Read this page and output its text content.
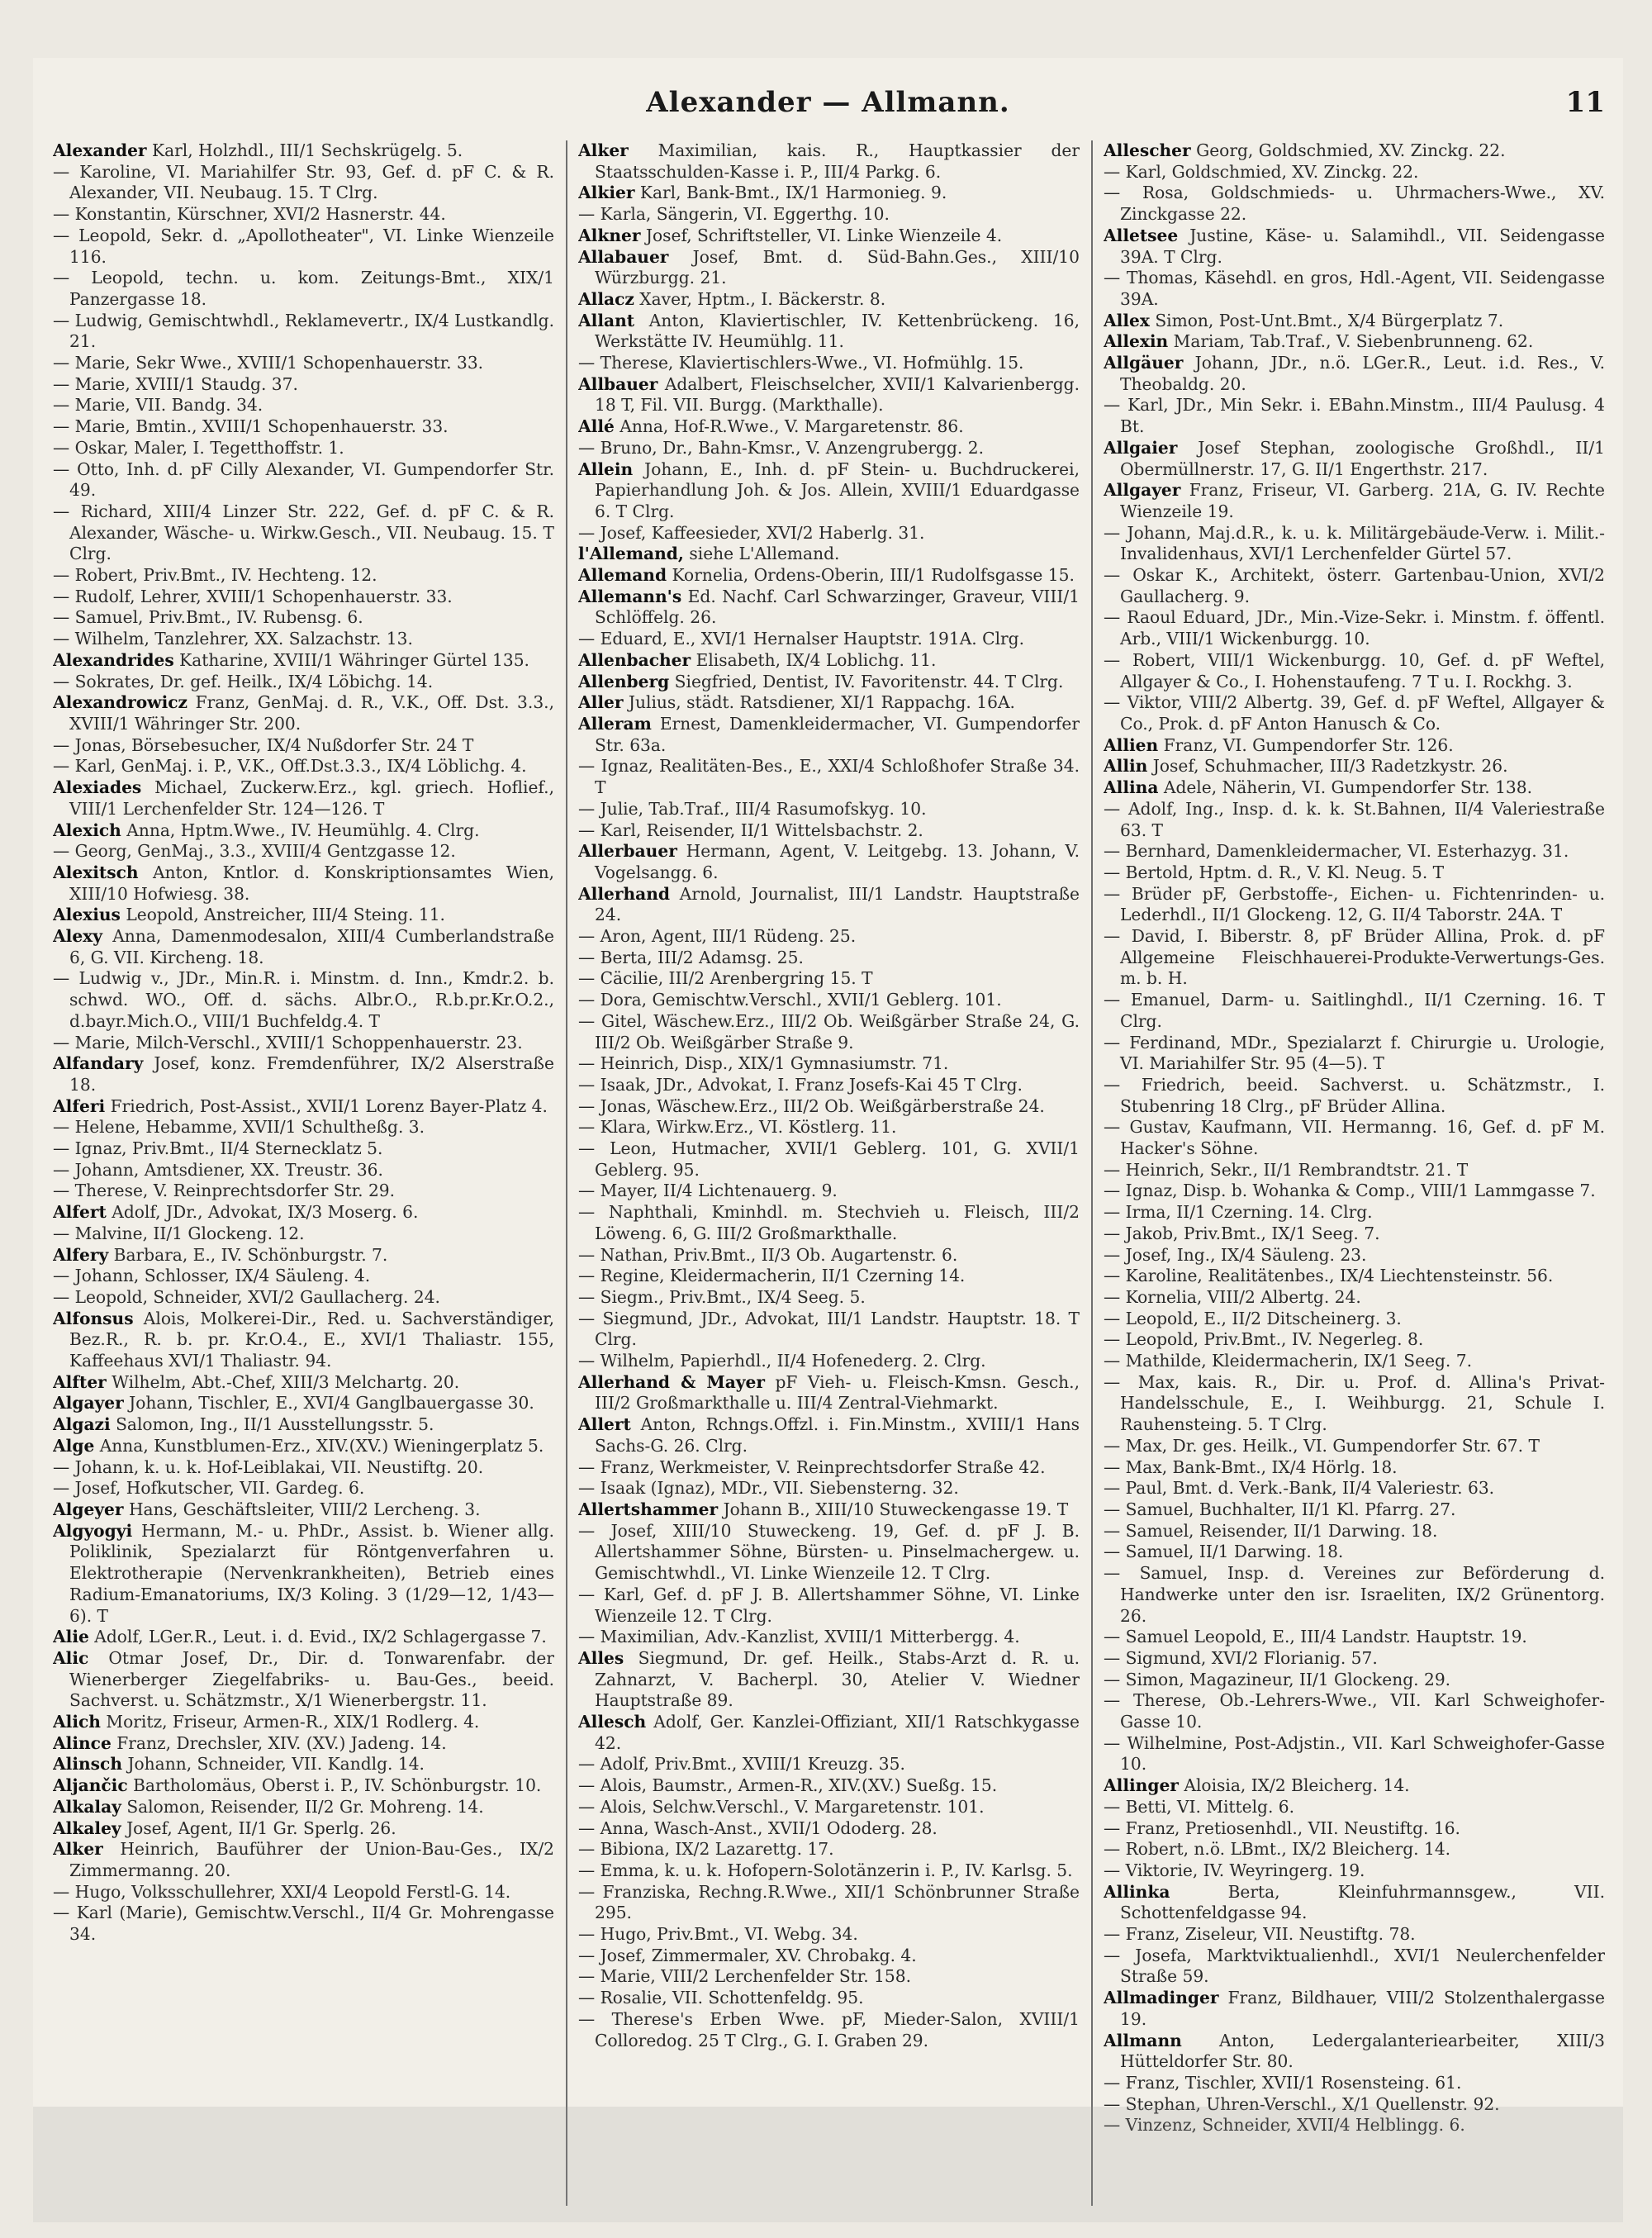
Alexander — Allmann.	11
Alexander Karl, Holzhdl., III/1 Sechskrügelg. 5.
— Karoline, VI. Mariahilfer Str. 93, Gef. d. pF C. & R. Alexander, VII. Neubaug. 15. T Clrg.
— Konstantin, Kürschner, XVI/2 Hasnerstr. 44.
— Leopold, Sekr. d. „Apollotheater", VI. Linke Wienzeile 116.
— Leopold, techn. u. kom. Zeitungs-Bmt., XIX/1 Panzergasse 18.
— Ludwig, Gemischtwhdl., Reklamevertr., IX/4 Lustkandlg. 21.
— Marie, Sekr Wwe., XVIII/1 Schopenhauerstr. 33.
— Marie, XVIII/1 Staudg. 37.
— Marie, VII. Bandg. 34.
— Marie, Bmtin., XVIII/1 Schopenhauerstr. 33.
— Oskar, Maler, I. Tegetthoffstr. 1.
— Otto, Inh. d. pF Cilly Alexander, VI. Gumpendorfer Str. 49.
— Richard, XIII/4 Linzer Str. 222, Gef. d. pF C. & R. Alexander, Wäsche- u. Wirkw.Gesch., VII. Neubaug. 15. T Clrg.
— Robert, Priv.Bmt., IV. Hechteng. 12.
— Rudolf, Lehrer, XVIII/1 Schopenhauerstr. 33.
— Samuel, Priv.Bmt., IV. Rubensg. 6.
— Wilhelm, Tanzlehrer, XX. Salzachstr. 13.
Alexandrides Katharine, XVIII/1 Währinger Gürtel 135.
— Sokrates, Dr. gef. Heilk., IX/4 Löbichg. 14.
Alexandrowicz Franz, GenMaj. d. R., V.K., Off. Dst. 3.3., XVIII/1 Währinger Str. 200.
— Jonas, Börsebesucher, IX/4 Nußdorfer Str. 24 T
— Karl, GenMaj. i. P., V.K., Off.Dst.3.3., IX/4 Löblichg. 4.
Alexiades Michael, Zuckerw.Erz., kgl. griech. Hoflief., VIII/1 Lerchenfelder Str. 124—126. T
Alexich Anna, Hptm.Wwe., IV. Heumühlg. 4. Clrg.
— Georg, GenMaj., 3.3., XVIII/4 Gentzgasse 12.
Alexitsch Anton, Kntlor. d. Konskriptionsamtes Wien, XIII/10 Hofwiesg. 38.
Alexius Leopold, Anstreicher, III/4 Steing. 11.
Alexy Anna, Damenmodesalon, XIII/4 Cumberlandstraße 6, G. VII. Kircheng. 18.
— Ludwig v., JDr., Min.R. i. Minstm. d. Inn., Kmdr.2. b. schwd. WO., Off. d. sächs. Albr.O., R.b.pr.Kr.O.2., d.bayr.Mich.O., VIII/1 Buchfeldg.4. T
— Marie, Milch-Verschl., XVIII/1 Schoppenhauerstr. 23.
Alfandary Josef, konz. Fremdenführer, IX/2 Alserstraße 18.
Alferi Friedrich, Post-Assist., XVII/1 Lorenz Bayer-Platz 4.
— Helene, Hebamme, XVII/1 Schultheßg. 3.
— Ignaz, Priv.Bmt., II/4 Sternecklatz 5.
— Johann, Amtsdiener, XX. Treustr. 36.
— Therese, V. Reinprechtsdorfer Str. 29.
Alfert Adolf, JDr., Advokat, IX/3 Moserg. 6.
— Malvine, II/1 Glockeng. 12.
Alfery Barbara, E., IV. Schönburgstr. 7.
— Johann, Schlosser, IX/4 Säuleng. 4.
— Leopold, Schneider, XVI/2 Gaullacherg. 24.
Alfonsus Alois, Molkerei-Dir., Red. u. Sachverständiger, Bez.R., R. b. pr. Kr.O.4., E., XVI/1 Thaliastr. 155, Kaffeehaus XVI/1 Thaliastr. 94.
Alfter Wilhelm, Abt.-Chef, XIII/3 Melchartg. 20.
Algayer Johann, Tischler, E., XVI/4 Ganglbauergasse 30.
Algazi Salomon, Ing., II/1 Ausstellungsstr. 5.
Alge Anna, Kunstblumen-Erz., XIV.(XV.) Wieningerplatz 5.
— Johann, k. u. k. Hof-Leiblakai, VII. Neustiftg. 20.
— Josef, Hofkutscher, VII. Gardeg. 6.
Algeyer Hans, Geschäftsleiter, VIII/2 Lercheng. 3.
Algyogyi Hermann, M.- u. PhDr., Assist. b. Wiener allg. Poliklinik, Spezialarzt für Röntgenverfahren u. Elektrotherapie (Nervenkrankheiten), Betrieb eines Radium-Emanatoriums, IX/3 Koling. 3 (1/29—12, 1/43—6). T
Alie Adolf, LGer.R., Leut. i. d. Evid., IX/2 Schlagergasse 7.
Alic Otmar Josef, Dr., Dir. d. Tonwarenfabr. der Wienerberger Ziegelfabriks- u. Bau-Ges., beeid. Sachverst. u. Schätzmstr., X/1 Wienerbergstr. 11.
Alich Moritz, Friseur, Armen-R., XIX/1 Rodlerg. 4.
Alince Franz, Drechsler, XIV. (XV.) Jadeng. 14.
Alinsch Johann, Schneider, VII. Kandlg. 14.
Aljančic Bartholomäus, Oberst i. P., IV. Schönburgstr. 10.
Alkalay Salomon, Reisender, II/2 Gr. Mohreng. 14.
Alkaley Josef, Agent, II/1 Gr. Sperlg. 26.
Alker Heinrich, Bauführer der Union-Bau-Ges., IX/2 Zimmermanng. 20.
— Hugo, Volksschullehrer, XXI/4 Leopold Ferstl-G. 14.
— Karl (Marie), Gemischtw.Verschl., II/4 Gr. Mohrengasse 34.
Alker Maximilian, kais. R., Hauptkassier der Staatsschulden-Kasse i. P., III/4 Parkg. 6.
Alkier Karl, Bank-Bmt., IX/1 Harmonieg. 9.
— Karla, Sängerin, VI. Eggerthg. 10.
Alkner Josef, Schriftsteller, VI. Linke Wienzeile 4.
Allabauer Josef, Bmt. d. Süd-Bahn.Ges., XIII/10 Würzburgg. 21.
Allacz Xaver, Hptm., I. Bäckerstr. 8.
Allant Anton, Klaviertischler, IV. Kettenbrückeng. 16, Werkstätte IV. Heumühlg. 11.
— Therese, Klaviertischlers-Wwe., VI. Hofmühlg. 15.
Allbauer Adalbert, Fleischselcher, XVII/1 Kalvarienbergg. 18 T, Fil. VII. Burgg. (Markthalle).
Allé Anna, Hof-R.Wwe., V. Margaretenstr. 86.
— Bruno, Dr., Bahn-Kmsr., V. Anzengrubergg. 2.
Allein Johann, E., Inh. d. pF Stein- u. Buchdruckerei, Papierhandlung Joh. & Jos. Allein, XVIII/1 Eduardgasse 6. T Clrg.
— Josef, Kaffeesieder, XVI/2 Haberlg. 31.
l'Allemand, siehe L'Allemand.
Allemand Kornelia, Ordens-Oberin, III/1 Rudolfsgasse 15.
Allemann's Ed. Nachf. Carl Schwarzinger, Graveur, VIII/1 Schlöffelg. 26.
— Eduard, E., XVI/1 Hernalser Hauptstr. 191A. Clrg.
Allenbacher Elisabeth, IX/4 Loblichg. 11.
Allenberg Siegfried, Dentist, IV. Favoritenstr. 44. T Clrg.
Aller Julius, städt. Ratsdiener, XI/1 Rappachg. 16A.
Alleram Ernest, Damenkleidermacher, VI. Gumpendorfer Str. 63a.
— Ignaz, Realitäten-Bes., E., XXI/4 Schloßhofer Straße 34. T
— Julie, Tab.Traf., III/4 Rasumofskyg. 10.
— Karl, Reisender, II/1 Wittelsbachstr. 2.
Allerbauer Hermann, Agent, V. Leitgebg. 13. Johann, V. Vogelsangg. 6.
Allerhand Arnold, Journalist, III/1 Landstr. Hauptstraße 24.
— Aron, Agent, III/1 Rüdeng. 25.
— Berta, III/2 Adamsg. 25.
— Cäcilie, III/2 Arenbergring 15. T
— Dora, Gemischtw.Verschl., XVII/1 Geblerg. 101.
— Gitel, Wäschew.Erz., III/2 Ob. Weißgärber Straße 24, G. III/2 Ob. Weißgärber Straße 9.
— Heinrich, Disp., XIX/1 Gymnasiumstr. 71.
— Isaak, JDr., Advokat, I. Franz Josefs-Kai 45 T Clrg.
— Jonas, Wäschew.Erz., III/2 Ob. Weißgärberstraße 24.
— Klara, Wirkw.Erz., VI. Köstlerg. 11.
— Leon, Hutmacher, XVII/1 Geblerg. 101, G. XVII/1 Geblerg. 95.
— Mayer, II/4 Lichtenauerg. 9.
— Naphthali, Kminhdl. m. Stechvieh u. Fleisch, III/2 Löweng. 6, G. III/2 Großmarkthalle.
— Nathan, Priv.Bmt., II/3 Ob. Augartenstr. 6.
— Regine, Kleidermacherin, II/1 Czerning 14.
— Siegm., Priv.Bmt., IX/4 Seeg. 5.
— Siegmund, JDr., Advokat, III/1 Landstr. Hauptstr. 18. T Clrg.
— Wilhelm, Papierhdl., II/4 Hofenederg. 2. Clrg.
Allerhand & Mayer pF Vieh- u. Fleisch-Kmsn. Gesch., III/2 Großmarkthalle u. III/4 Zentral-Viehmarkt.
Allert Anton, Rchngs.Offzl. i. Fin.Minstm., XVIII/1 Hans Sachs-G. 26. Clrg.
— Franz, Werkmeister, V. Reinprechtsdorfer Straße 42.
— Isaak (Ignaz), MDr., VII. Siebensterng. 32.
Allertshammer Johann B., XIII/10 Stuweckengasse 19. T
— Josef, XIII/10 Stuweckeng. 19, Gef. d. pF J. B. Allertshammer Söhne, Bürsten- u. Pinselmachergew. u. Gemischtwhdl., VI. Linke Wienzeile 12. T Clrg.
— Karl, Gef. d. pF J. B. Allertshammer Söhne, VI. Linke Wienzeile 12. T Clrg.
— Maximilian, Adv.-Kanzlist, XVIII/1 Mitterbergg. 4.
Alles Siegmund, Dr. gef. Heilk., Stabs-Arzt d. R. u. Zahnarzt, V. Bacherpl. 30, Atelier V. Wiedner Hauptstraße 89.
Allesch Adolf, Ger. Kanzlei-Offiziant, XII/1 Ratschkygasse 42.
— Adolf, Priv.Bmt., XVIII/1 Kreuzg. 35.
— Alois, Baumstr., Armen-R., XIV.(XV.) Sueßg. 15.
— Alois, Selchw.Verschl., V. Margaretenstr. 101.
— Anna, Wasch-Anst., XVII/1 Ododerg. 28.
— Bibiona, IX/2 Lazarettg. 17.
— Emma, k. u. k. Hofopern-Solotänzerin i. P., IV. Karlsg. 5.
— Franziska, Rechng.R.Wwe., XII/1 Schönbrunner Straße 295.
— Hugo, Priv.Bmt., VI. Webg. 34.
— Josef, Zimmermaler, XV. Chrobakg. 4.
— Marie, VIII/2 Lerchenfelder Str. 158.
— Rosalie, VII. Schottenfeldg. 95.
— Therese's Erben Wwe. pF, Mieder-Salon, XVIII/1 Colloredog. 25 T Clrg., G. I. Graben 29.
Allescher Georg, Goldschmied, XV. Zinckg. 22.
— Karl, Goldschmied, XV. Zinckg. 22.
— Rosa, Goldschmieds- u. Uhrmachers-Wwe., XV. Zinckgasse 22.
Alletsee Justine, Käse- u. Salamihdl., VII. Seidengasse 39A. T Clrg.
— Thomas, Käsehdl. en gros, Hdl.-Agent, VII. Seidengasse 39A.
Allex Simon, Post-Unt.Bmt., X/4 Bürgerplatz 7.
Allexin Mariam, Tab.Traf., V. Siebenbrunneng. 62.
Allgäuer Johann, JDr., n.ö. LGer.R., Leut. i.d. Res., V. Theobaldg. 20.
— Karl, JDr., Min Sekr. i. EBahn.Minstm., III/4 Paulusg. 4 Bt.
Allgaier Josef Stephan, zoologische Großhdl., II/1 Obermüllnerstr. 17, G. II/1 Engerthstr. 217.
Allgayer Franz, Friseur, VI. Garberg. 21A, G. IV. Rechte Wienzeile 19.
— Johann, Maj.d.R., k. u. k. Militärgebäude-Verw. i. Milit.-Invalidenhaus, XVI/1 Lerchenfelder Gürtel 57.
— Oskar K., Architekt, österr. Gartenbau-Union, XVI/2 Gaullacherg. 9.
— Raoul Eduard, JDr., Min.-Vize-Sekr. i. Minstm. f. öffentl. Arb., VIII/1 Wickenburgg. 10.
— Robert, VIII/1 Wickenburgg. 10, Gef. d. pF Weftel, Allgayer & Co., I. Hohenstaufeng. 7 T u. I. Rockhg. 3.
— Viktor, VIII/2 Albertg. 39, Gef. d. pF Weftel, Allgayer & Co., Prok. d. pF Anton Hanusch & Co.
Allien Franz, VI. Gumpendorfer Str. 126.
Allin Josef, Schuhmacher, III/3 Radetzkystr. 26.
Allina Adele, Näherin, VI. Gumpendorfer Str. 138.
— Adolf, Ing., Insp. d. k. k. St.Bahnen, II/4 Valeriestraße 63. T
— Bernhard, Damenkleidermacher, VI. Esterhazyg. 31.
— Bertold, Hptm. d. R., V. Kl. Neug. 5. T
— Brüder pF, Gerbstoffe-, Eichen- u. Fichtenrinden- u. Lederhdl., II/1 Glockeng. 12, G. II/4 Taborstr. 24A. T
— David, I. Biberstr. 8, pF Brüder Allina, Prok. d. pF Allgemeine Fleischhauerei-Produkte-Verwertungs-Ges. m. b. H.
— Emanuel, Darm- u. Saitlinghdl., II/1 Czerning. 16. T Clrg.
— Ferdinand, MDr., Spezialarzt f. Chirurgie u. Urologie, VI. Mariahilfer Str. 95 (4—5). T
— Friedrich, beeid. Sachverst. u. Schätzmstr., I. Stubenring 18 Clrg., pF Brüder Allina.
— Gustav, Kaufmann, VII. Hermanng. 16, Gef. d. pF M. Hacker's Söhne.
— Heinrich, Sekr., II/1 Rembrandtstr. 21. T
— Ignaz, Disp. b. Wohanka & Comp., VIII/1 Lammgasse 7.
— Irma, II/1 Czerning. 14. Clrg.
— Jakob, Priv.Bmt., IX/1 Seeg. 7.
— Josef, Ing., IX/4 Säuleng. 23.
— Karoline, Realitätenbes., IX/4 Liechtensteinstr. 56.
— Kornelia, VIII/2 Albertg. 24.
— Leopold, E., II/2 Ditscheinerg. 3.
— Leopold, Priv.Bmt., IV. Negerleg. 8.
— Mathilde, Kleidermacherin, IX/1 Seeg. 7.
— Max, kais. R., Dir. u. Prof. d. Allina's Privat-Handelsschule, E., I. Weihburgg. 21, Schule I. Rauhensteing. 5. T Clrg.
— Max, Dr. ges. Heilk., VI. Gumpendorfer Str. 67. T
— Max, Bank-Bmt., IX/4 Hörlg. 18.
— Paul, Bmt. d. Verk.-Bank, II/4 Valeriestr. 63.
— Samuel, Buchhalter, II/1 Kl. Pfarrg. 27.
— Samuel, Reisender, II/1 Darwing. 18.
— Samuel, II/1 Darwing. 18.
— Samuel, Insp. d. Vereines zur Beförderung d. Handwerke unter den isr. Israeliten, IX/2 Grünentorg. 26.
— Samuel Leopold, E., III/4 Landstr. Hauptstr. 19.
— Sigmund, XVI/2 Florianig. 57.
— Simon, Magazineur, II/1 Glockeng. 29.
— Therese, Ob.-Lehrers-Wwe., VII. Karl Schweighofer-Gasse 10.
— Wilhelmine, Post-Adjstin., VII. Karl Schweighofer-Gasse 10.
Allinger Aloisia, IX/2 Bleicherg. 14.
— Betti, VI. Mittelg. 6.
— Franz, Pretiosenhdl., VII. Neustiftg. 16.
— Robert, n.ö. LBmt., IX/2 Bleicherg. 14.
— Viktorie, IV. Weyringerg. 19.
Allinka	Berta, Kleinfuhrmannsgew., VII. Schottenfeldgasse 94.
— Franz, Ziseleur, VII. Neustiftg. 78.
— Josefa, Marktviktualienhdl., XVI/1 Neulerchenfelder Straße 59.
Allmadinger Franz, Bildhauer, VIII/2 Stolzenthalergasse 19.
Allmann Anton, Ledergalanteriearbeiter, XIII/3 Hütteldorfer Str. 80.
— Franz, Tischler, XVII/1 Rosensteing. 61.
— Stephan, Uhren-Verschl., X/1 Quellenstr. 92.
— Vinzenz, Schneider, XVII/4 Helblingg. 6.
